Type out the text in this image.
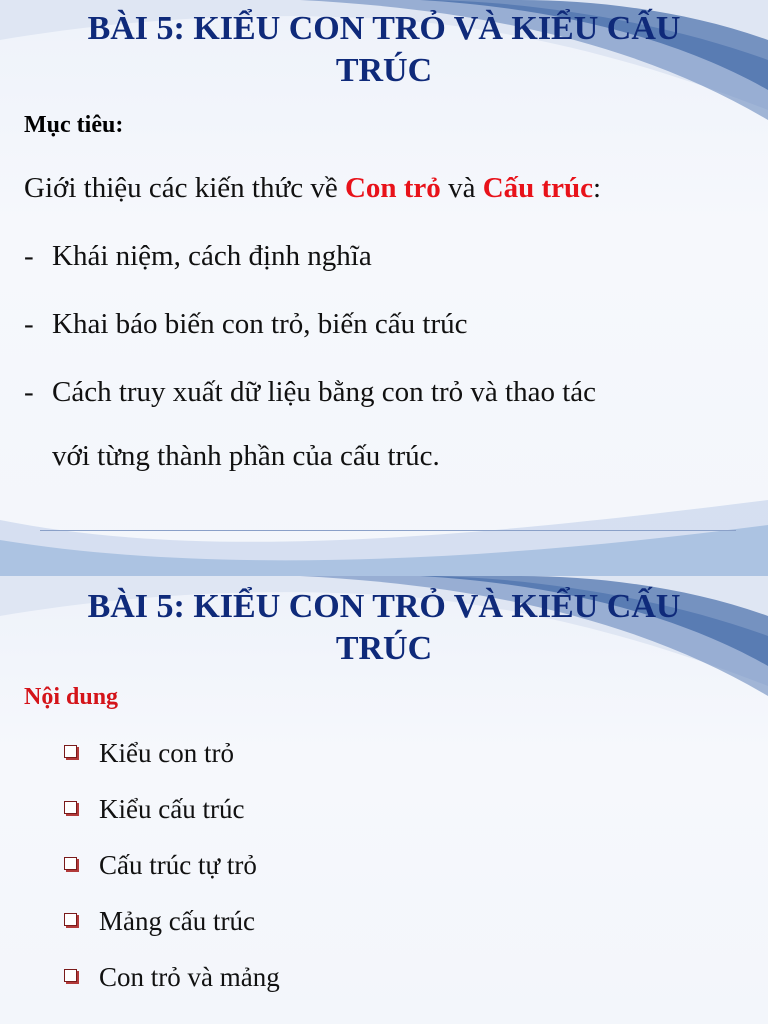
BÀI 5: KIỂU CON TRỎ VÀ KIỂU CẤU
TRÚC
Mục tiêu:
Giới thiệu các kiến thức về Con trỏ và Cấu trúc:
- Khái niệm, cách định nghĩa
- Khai báo biến con trỏ, biến cấu trúc
- Cách truy xuất dữ liệu bằng con trỏ và thao tác
với từng thành phần của cấu trúc.
BÀI 5: KIỂU CON TRỎ VÀ KIỂU CẤU
TRÚC
Nội dung
Kiểu con trỏ
Kiểu cấu trúc
Cấu trúc tự trỏ
Mảng cấu trúc
Con trỏ và mảng
